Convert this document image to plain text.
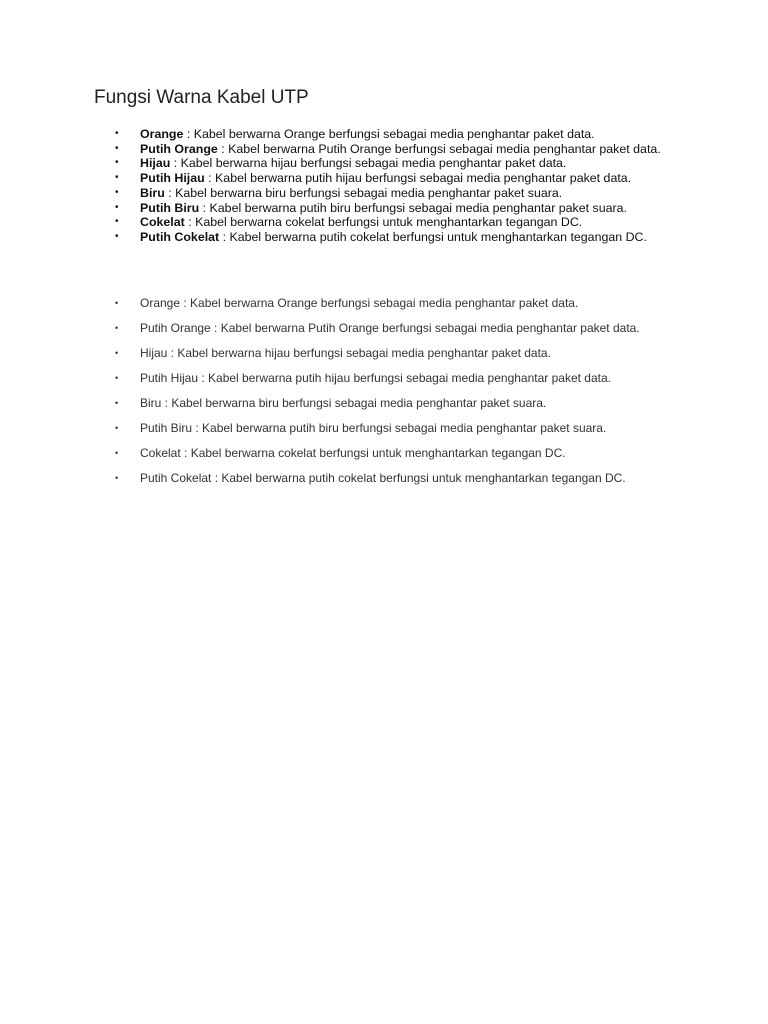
Fungsi Warna Kabel UTP
• Orange : Kabel berwarna Orange berfungsi sebagai media penghantar paket data.
• Putih Orange : Kabel berwarna Putih Orange berfungsi sebagai media penghantar paket data.
• Hijau : Kabel berwarna hijau berfungsi sebagai media penghantar paket data.
• Putih Hijau : Kabel berwarna putih hijau berfungsi sebagai media penghantar paket data.
• Biru : Kabel berwarna biru berfungsi sebagai media penghantar paket suara.
• Putih Biru : Kabel berwarna putih biru berfungsi sebagai media penghantar paket suara.
• Cokelat : Kabel berwarna cokelat berfungsi untuk menghantarkan tegangan DC.
• Putih Cokelat : Kabel berwarna putih cokelat berfungsi untuk menghantarkan tegangan DC.
• Orange : Kabel berwarna Orange berfungsi sebagai media penghantar paket data.
• Putih Orange : Kabel berwarna Putih Orange berfungsi sebagai media penghantar paket data.
• Hijau : Kabel berwarna hijau berfungsi sebagai media penghantar paket data.
• Putih Hijau : Kabel berwarna putih hijau berfungsi sebagai media penghantar paket data.
• Biru : Kabel berwarna biru berfungsi sebagai media penghantar paket suara.
• Putih Biru : Kabel berwarna putih biru berfungsi sebagai media penghantar paket suara.
• Cokelat : Kabel berwarna cokelat berfungsi untuk menghantarkan tegangan DC.
• Putih Cokelat : Kabel berwarna putih cokelat berfungsi untuk menghantarkan tegangan DC.
